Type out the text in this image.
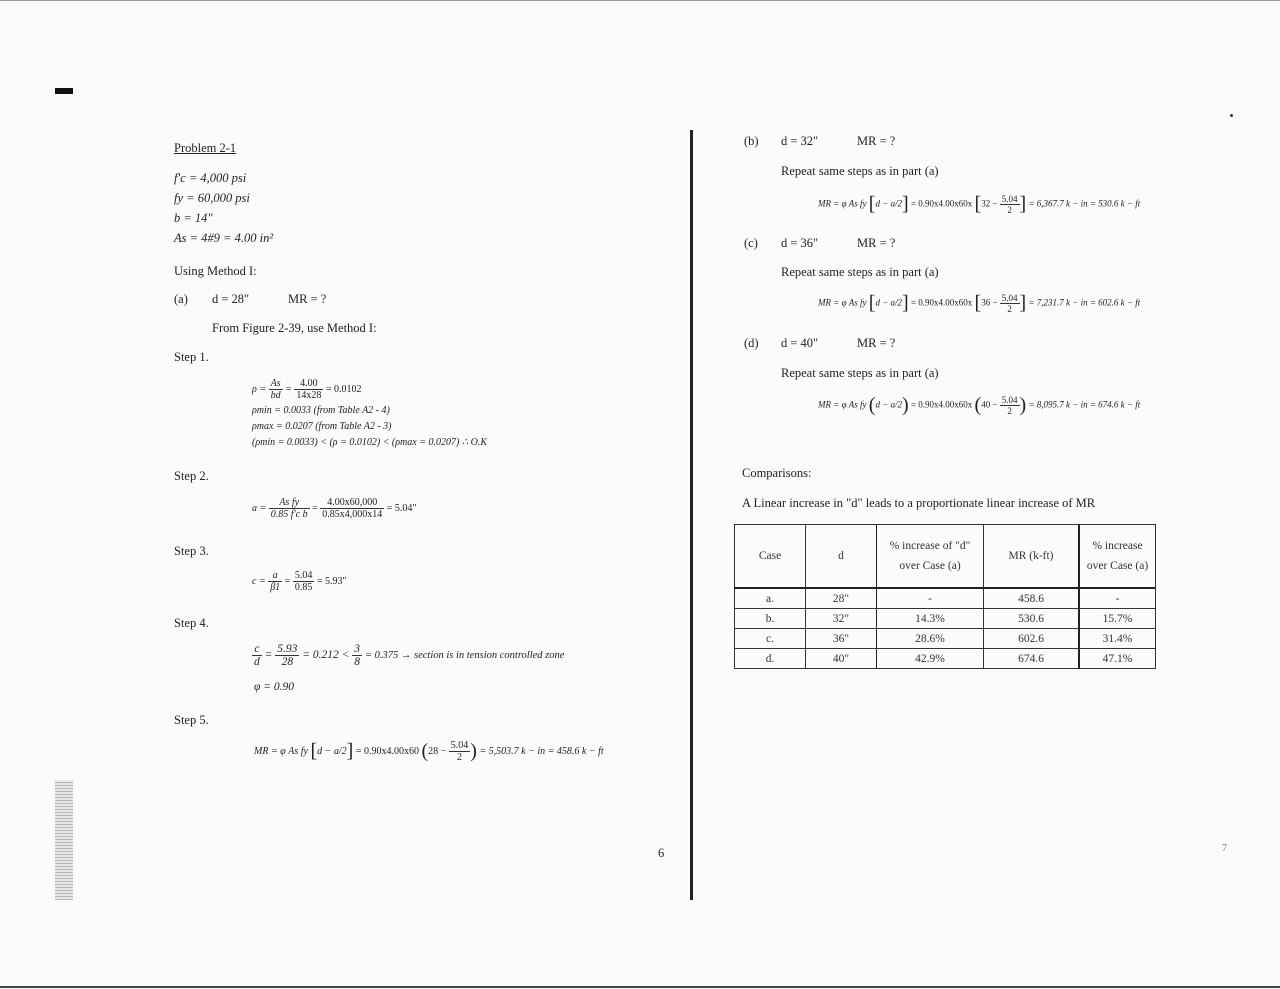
Problem 2-1
f'c = 4,000 psi
fy = 60,000 psi
b = 14"
As = 4#9 = 4.00 in²
Using Method I:
(a) d = 28"	MR = ?
From Figure 2-39, use Method I:
Step 1.
$\rho = \frac{As}{bd} = \frac{4.00}{14x28} = 0.0102$
ρmin = 0.0033 (from Table A2 - 4)
ρmax = 0.0207 (from Table A2 - 3)
(ρmin = 0.0033) < (ρ = 0.0102) < (ρmax = 0.0207) ∴ O.K
Step 2.
$a = \frac{\text{As fy}}{\text{0.85 f'c b}} = \frac{4.00x60,000}{0.85x4,000x14} = 5.04$"
Step 3.
$c = \frac{a}{\beta 1} = \frac{5.04}{0.85} = 5.93$"
Step 4.
$\frac{c}{d} = \frac{5.93}{28} = 0.212 < \frac{3}{8} = 0.375$ → section is in tension controlled zone
φ = 0.90
Step 5.
MR = φ As fy [d − a/2] = 0.90x4.00x60 ($28 - \frac{5.04}{2}$ ) = 5,503.7 k − in = 458.6 k − ft
6
(b) d = 32"	MR = ?
Repeat same steps as in part (a)
MR = φ As fy [d − a/2] = 0.90x4.00x60x [$32 - \frac{5.04}{2}$ ] = 6,367.7 k − in = 530.6 k − ft
(c) d = 36"	MR = ?
Repeat same steps as in part (a)
MR = φ As fy [d − a/2] = 0.90x4.00x60x [$36 - \frac{5.04}{2}$ ] = 7,231.7 k − in = 602.6 k − ft
(d) d = 40"	MR = ?
Repeat same steps as in part (a)
MR = φ As fy (d − a/2) = 0.90x4.00x60x ($40 - \frac{5.04}{2}$ ) = 8,095.7 k − in = 674.6 k − ft
Comparisons:
A Linear increase in "d" leads to a proportionate linear increase of MR
Case	d	% increase of "d" over Case (a)	MR (k-ft)	% increase over Case (a)
a.	28"	-	458.6	-
b.	32"	14.3%	530.6	15.7%
c.	36"	28.6%	602.6	31.4%
d.	40"	42.9%	674.6	47.1%
7
